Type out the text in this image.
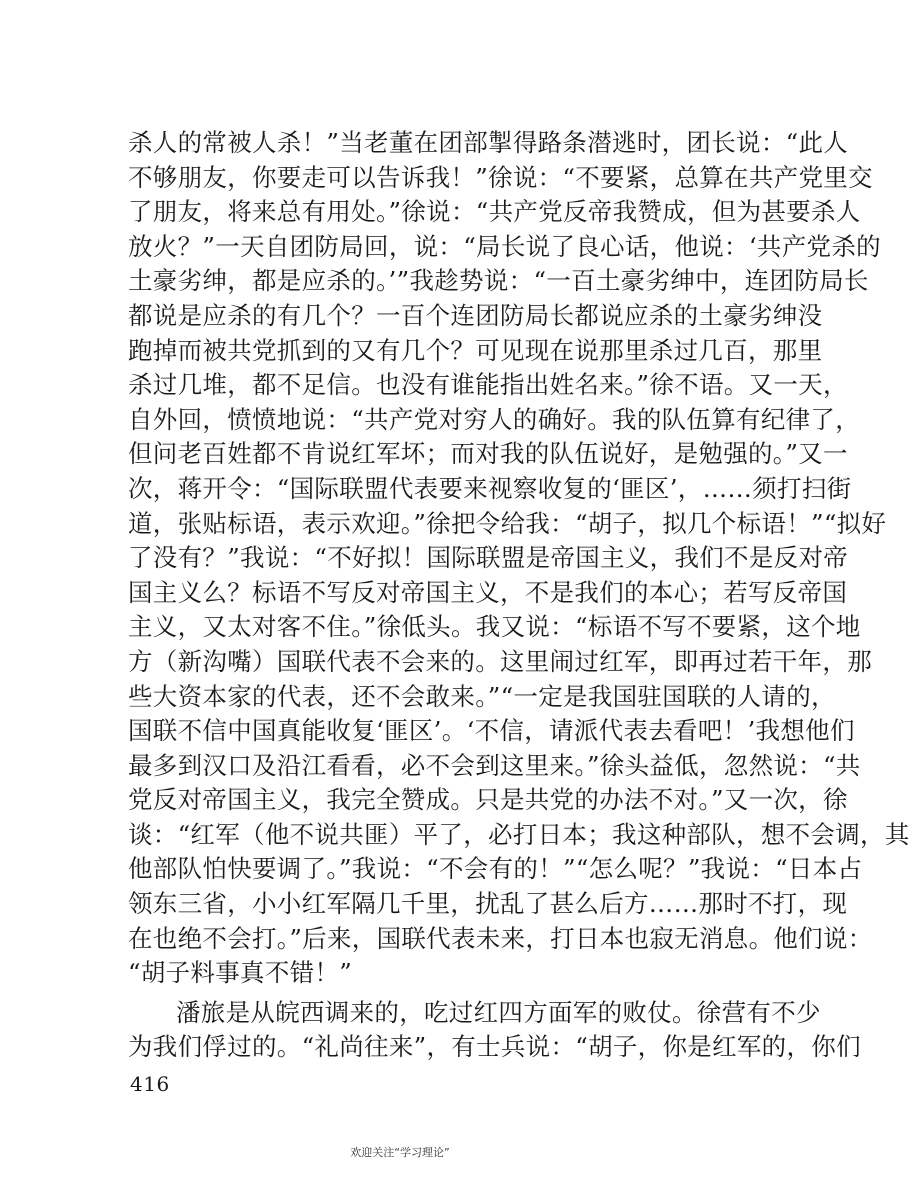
杀人的常被人杀！”当老董在团部掣得路条潜逃时，团长说：“此人
不够朋友，你要走可以告诉我！”徐说：“不要紧，总算在共产党里交
了朋友，将来总有用处。”徐说：“共产党反帝我赞成，但为甚要杀人
放火？”一天自团防局回，说：“局长说了良心话，他说：‘共产党杀的
土豪劣绅，都是应杀的。’”我趁势说：“一百土豪劣绅中，连团防局长
都说是应杀的有几个？一百个连团防局长都说应杀的土豪劣绅没
跑掉而被共党抓到的又有几个？可见现在说那里杀过几百，那里
杀过几堆，都不足信。也没有谁能指出姓名来。”徐不语。又一天，
自外回，愤愤地说：“共产党对穷人的确好。我的队伍算有纪律了，
但问老百姓都不肯说红军坏；而对我的队伍说好，是勉强的。”又一
次，蒋开令：“国际联盟代表要来视察收复的‘匪区’，……须打扫街
道，张贴标语，表示欢迎。”徐把令给我：“胡子，拟几个标语！”“拟好
了没有？”我说：“不好拟！国际联盟是帝国主义，我们不是反对帝
国主义么？标语不写反对帝国主义，不是我们的本心；若写反帝国
主义，又太对客不住。”徐低头。我又说：“标语不写不要紧，这个地
方（新沟嘴）国联代表不会来的。这里闹过红军，即再过若干年，那
些大资本家的代表，还不会敢来。”“一定是我国驻国联的人请的，
国联不信中国真能收复‘匪区’。‘不信，请派代表去看吧！’我想他们
最多到汉口及沿江看看，必不会到这里来。”徐头益低，忽然说：“共
党反对帝国主义，我完全赞成。只是共党的办法不对。”又一次，徐
谈：“红军（他不说共匪）平了，必打日本；我这种部队，想不会调，其
他部队怕快要调了。”我说：“不会有的！”“怎么呢？”我说：“日本占
领东三省，小小红军隔几千里，扰乱了甚么后方……那时不打，现
在也绝不会打。”后来，国联代表未来，打日本也寂无消息。他们说：
“胡子料事真不错！”
潘旅是从皖西调来的，吃过红四方面军的败仗。徐营有不少
为我们俘过的。“礼尚往来”，有士兵说：“胡子，你是红军的，你们
416
欢迎关注“学习理论”
